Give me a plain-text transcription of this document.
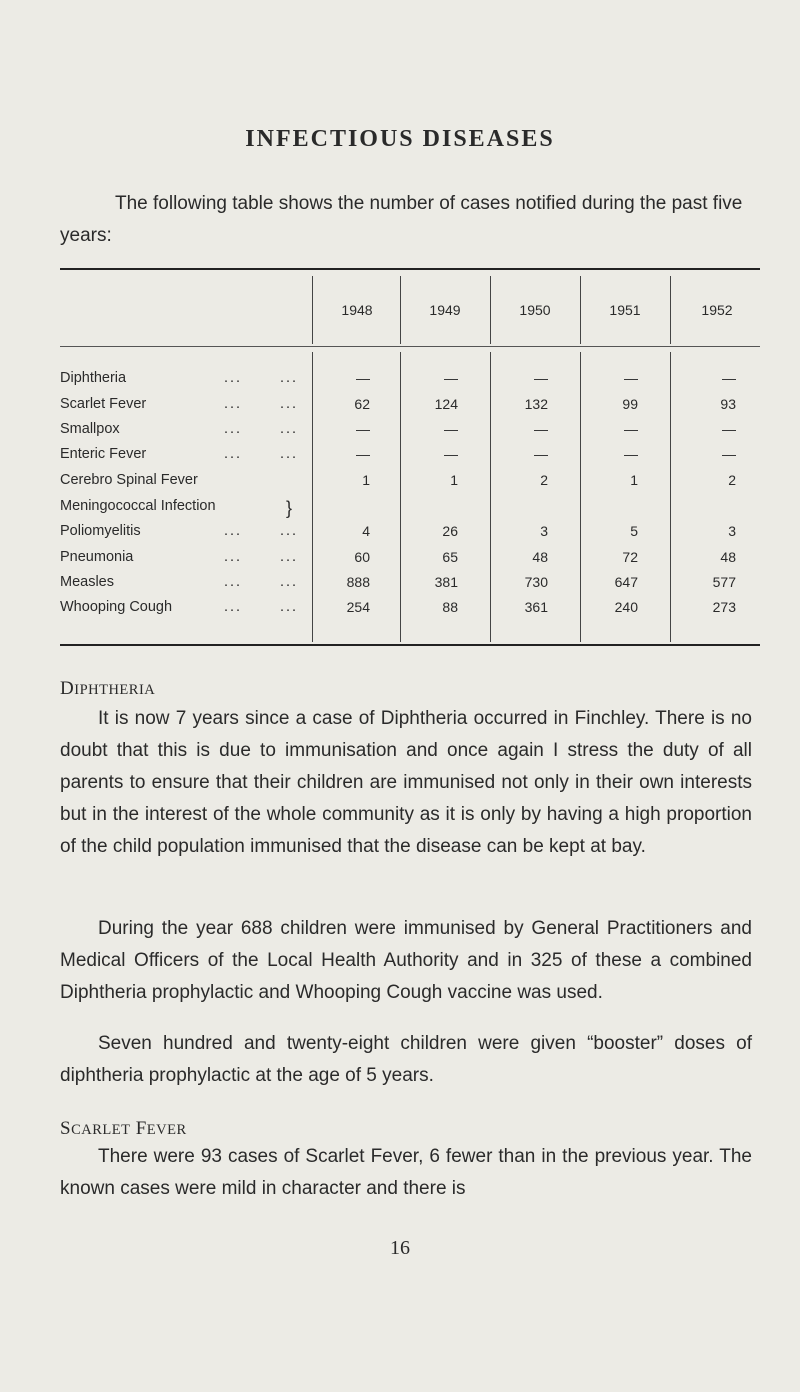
INFECTIOUS DISEASES
The following table shows the number of cases notified during the past five years:
1948	1949	1950	1951	1952
Diphtheria	...	...	—	—	—	—	—
Scarlet Fever	...	...	62	124	132	99	93
Smallpox	...	...	—	—	—	—	—
Enteric Fever	...	...	—	—	—	—	—
Cerebro Spinal Fever	1	1	2	1	2
Meningococcal Infection
Poliomyelitis	...	...	4	26	3	5	3
Pneumonia	...	...	60	65	48	72	48
Measles	...	...	888	381	730	647	577
Whooping Cough	...	...	254	88	361	240	273
}
DIPHTHERIA
It is now 7 years since a case of Diphtheria occurred in Finchley. There is no doubt that this is due to immunisation and once again I stress the duty of all parents to ensure that their children are immunised not only in their own interests but in the interest of the whole community as it is only by having a high proportion of the child population immunised that the disease can be kept at bay.
During the year 688 children were immunised by General Practitioners and Medical Officers of the Local Health Authority and in 325 of these a combined Diphtheria prophylactic and Whooping Cough vaccine was used.
Seven hundred and twenty-eight children were given “booster” doses of diphtheria prophylactic at the age of 5 years.
SCARLET FEVER
There were 93 cases of Scarlet Fever, 6 fewer than in the previous year. The known cases were mild in character and there is
16
